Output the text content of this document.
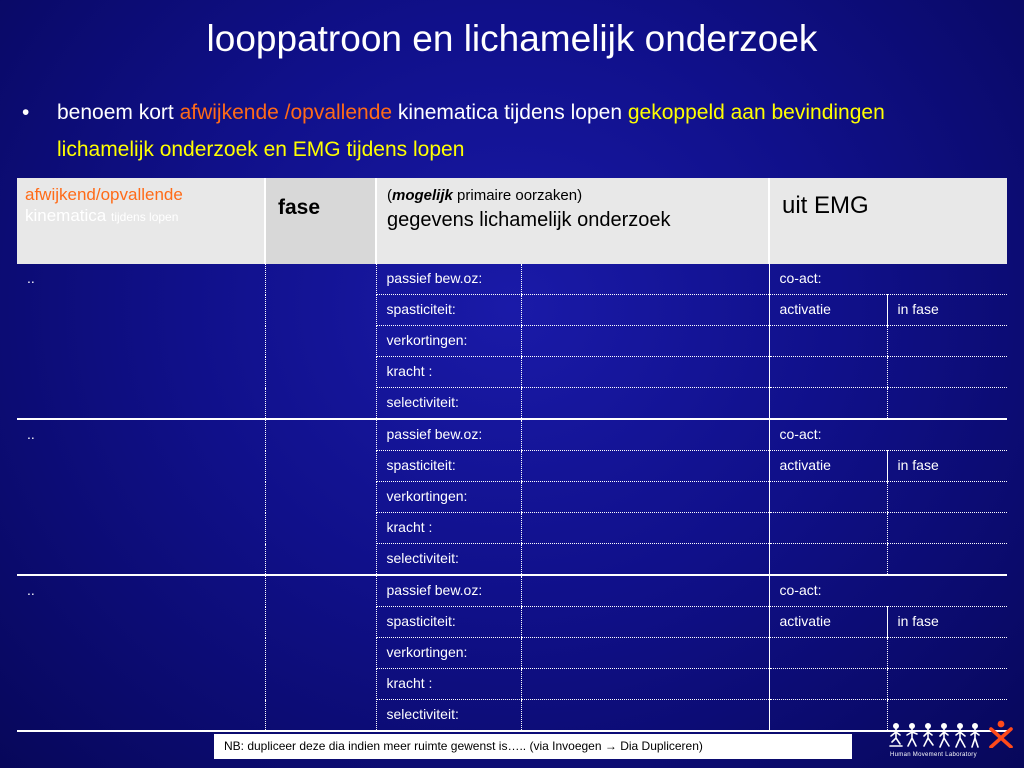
looppatroon en lichamelijk onderzoek
• benoem kort afwijkende /opvallende kinematica tijdens lopen gekoppeld aan bevindingen lichamelijk onderzoek en EMG tijdens lopen
afwijkend/opvallende
kinematica tijdens lopen	fase	(mogelijk primaire oorzaken)
gegevens lichamelijk onderzoek		uit EMG	
..		passief bew.oz:		co-act:	
		spasticiteit:		activatie	in fase
		verkortingen:			
		kracht :			
		selectiviteit:			
..		passief bew.oz:		co-act:	
		spasticiteit:		activatie	in fase
		verkortingen:			
		kracht :			
		selectiviteit:			
..		passief bew.oz:		co-act:	
		spasticiteit:		activatie	in fase
		verkortingen:			
		kracht :			
		selectiviteit:			
NB: dupliceer deze dia indien meer ruimte gewenst is….. (via Invoegen → Dia Dupliceren)
Human Movement Laboratory
